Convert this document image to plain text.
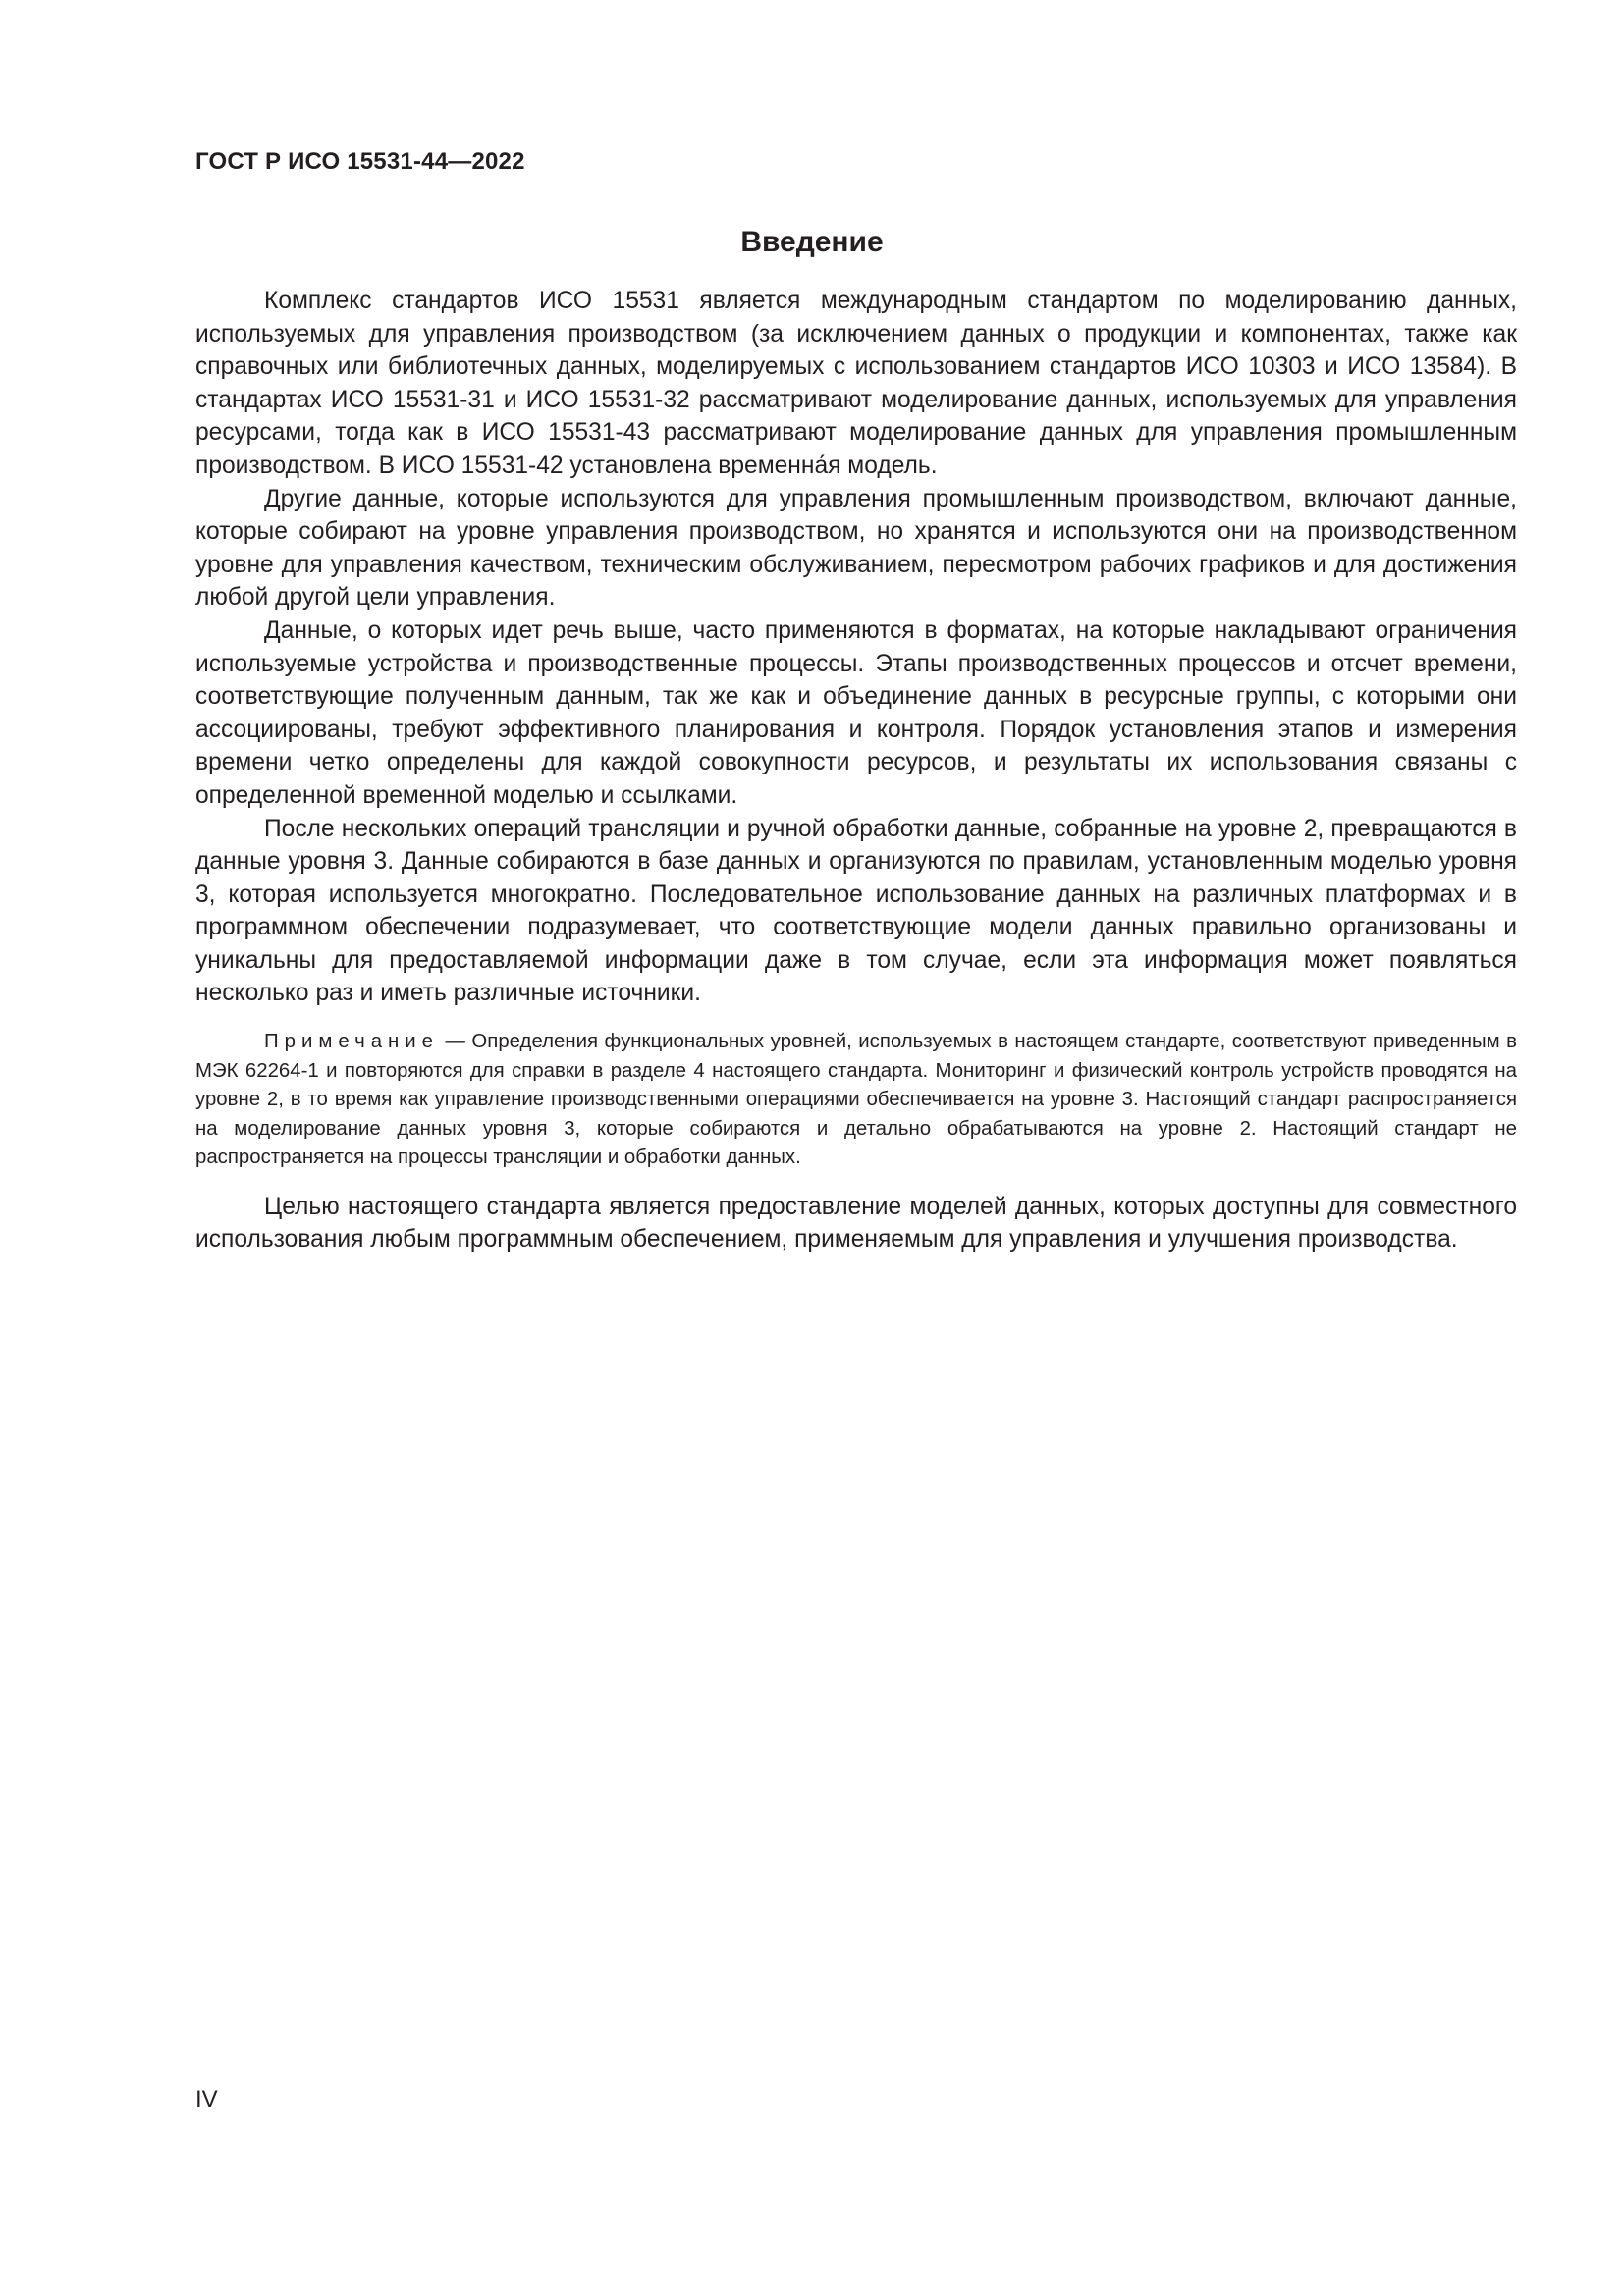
ГОСТ Р ИСО 15531-44—2022
Введение

Комплекс стандартов ИСО 15531 является международным стандартом по моделированию данных, используемых для управления производством (за исключением данных о продукции и компонентах, также как справочных или библиотечных данных, моделируемых с использованием стандартов ИСО 10303 и ИСО 13584). В стандартах ИСО 15531-31 и ИСО 15531-32 рассматривают моделирование данных, используемых для управления ресурсами, тогда как в ИСО 15531-43 рассматривают моделирование данных для управления промышленным производством. В ИСО 15531-42 установлена временна́я модель.

Другие данные, которые используются для управления промышленным производством, включают данные, которые собирают на уровне управления производством, но хранятся и используются они на производственном уровне для управления качеством, техническим обслуживанием, пересмотром рабочих графиков и для достижения любой другой цели управления.

Данные, о которых идет речь выше, часто применяются в форматах, на которые накладывают ограничения используемые устройства и производственные процессы. Этапы производственных процессов и отсчет времени, соответствующие полученным данным, так же как и объединение данных в ресурсные группы, с которыми они ассоциированы, требуют эффективного планирования и контроля. Порядок установления этапов и измерения времени четко определены для каждой совокупности ресурсов, и результаты их использования связаны с определенной временной моделью и ссылками.

После нескольких операций трансляции и ручной обработки данные, собранные на уровне 2, превращаются в данные уровня 3. Данные собираются в базе данных и организуются по правилам, установленным моделью уровня 3, которая используется многократно. Последовательное использование данных на различных платформах и в программном обеспечении подразумевает, что соответствующие модели данных правильно организованы и уникальны для предоставляемой информации даже в том случае, если эта информация может появляться несколько раз и иметь различные источники.

Примечание — Определения функциональных уровней, используемых в настоящем стандарте, соответствуют приведенным в МЭК 62264-1 и повторяются для справки в разделе 4 настоящего стандарта. Мониторинг и физический контроль устройств проводятся на уровне 2, в то время как управление производственными операциями обеспечивается на уровне 3. Настоящий стандарт распространяется на моделирование данных уровня 3, которые собираются и детально обрабатываются на уровне 2. Настоящий стандарт не распространяется на процессы трансляции и обработки данных.

Целью настоящего стандарта является предоставление моделей данных, которых доступны для совместного использования любым программным обеспечением, применяемым для управления и улучшения производства.

IV
